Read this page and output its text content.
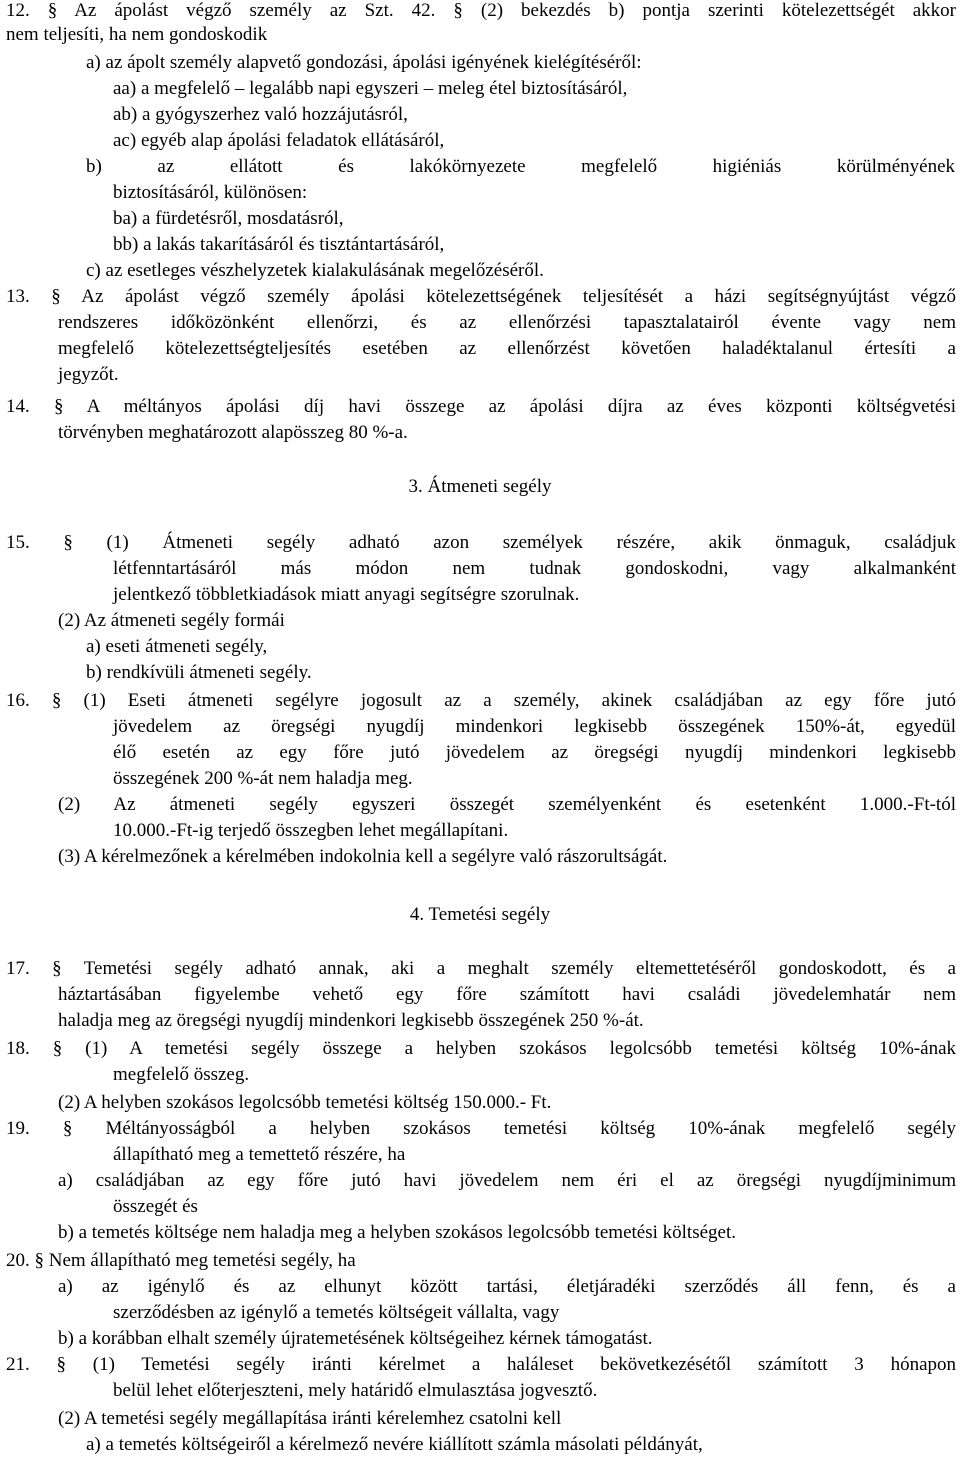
12. § Az ápolást végző személy az Szt. 42. § (2) bekezdés b) pontja szerinti kötelezettségét akkor
nem teljesíti, ha nem gondoskodik
a) az ápolt személy alapvető gondozási, ápolási igényének kielégítéséről:
aa) a megfelelő – legalább napi egyszeri – meleg étel biztosításáról,
ab) a gyógyszerhez való hozzájutásról,
ac) egyéb alap ápolási feladatok ellátásáról,
b) az ellátott és lakókörnyezete megfelelő higiéniás körülményének
biztosításáról, különösen:
ba) a fürdetésről, mosdatásról,
bb) a lakás takarításáról és tisztántartásáról,
c) az esetleges vészhelyzetek kialakulásának megelőzéséről.
13. § Az ápolást végző személy ápolási kötelezettségének teljesítését a házi segítségnyújtást végző
rendszeres időközönként ellenőrzi, és az ellenőrzési tapasztalatairól évente vagy nem
megfelelő kötelezettségteljesítés esetében az ellenőrzést követően haladéktalanul értesíti a
jegyzőt.
14. § A méltányos ápolási díj havi összege az ápolási díjra az éves központi költségvetési
törvényben meghatározott alapösszeg 80 %-a.
3. Átmeneti segély
15. § (1) Átmeneti segély adható azon személyek részére, akik önmaguk, családjuk
létfenntartásáról más módon nem tudnak gondoskodni, vagy alkalmanként
jelentkező többletkiadások miatt anyagi segítségre szorulnak.
(2) Az átmeneti segély formái
a) eseti átmeneti segély,
b) rendkívüli átmeneti segély.
16. § (1) Eseti átmeneti segélyre jogosult az a személy, akinek családjában az egy főre jutó
jövedelem az öregségi nyugdíj mindenkori legkisebb összegének 150%-át, egyedül
élő esetén az egy főre jutó jövedelem az öregségi nyugdíj mindenkori legkisebb
összegének 200 %-át nem haladja meg.
(2) Az átmeneti segély egyszeri összegét személyenként és esetenként 1.000.-Ft-tól
10.000.-Ft-ig terjedő összegben lehet megállapítani.
(3) A kérelmezőnek a kérelmében indokolnia kell a segélyre való rászorultságát.
4. Temetési segély
17. § Temetési segély adható annak, aki a meghalt személy eltemettetéséről gondoskodott, és a
háztartásában figyelembe vehető egy főre számított havi családi jövedelemhatár nem
haladja meg az öregségi nyugdíj mindenkori legkisebb összegének 250 %-át.
18. § (1) A temetési segély összege a helyben szokásos legolcsóbb temetési költség 10%-ának
megfelelő összeg.
(2) A helyben szokásos legolcsóbb temetési költség 150.000.- Ft.
19. § Méltányosságból a helyben szokásos temetési költség 10%-ának megfelelő segély
állapítható meg a temettető részére, ha
a) családjában az egy főre jutó havi jövedelem nem éri el az öregségi nyugdíjminimum
összegét és
b) a temetés költsége nem haladja meg a helyben szokásos legolcsóbb temetési költséget.
20. § Nem állapítható meg temetési segély, ha
a) az igénylő és az elhunyt között tartási, életjáradéki szerződés áll fenn, és a
szerződésben az igénylő a temetés költségeit vállalta, vagy
b) a korábban elhalt személy újratemetésének költségeihez kérnek támogatást.
21. § (1) Temetési segély iránti kérelmet a haláleset bekövetkezésétől számított 3 hónapon
belül lehet előterjeszteni, mely határidő elmulasztása jogvesztő.
(2) A temetési segély megállapítása iránti kérelemhez csatolni kell
a) a temetés költségeiről a kérelmező nevére kiállított számla másolati példányát,
